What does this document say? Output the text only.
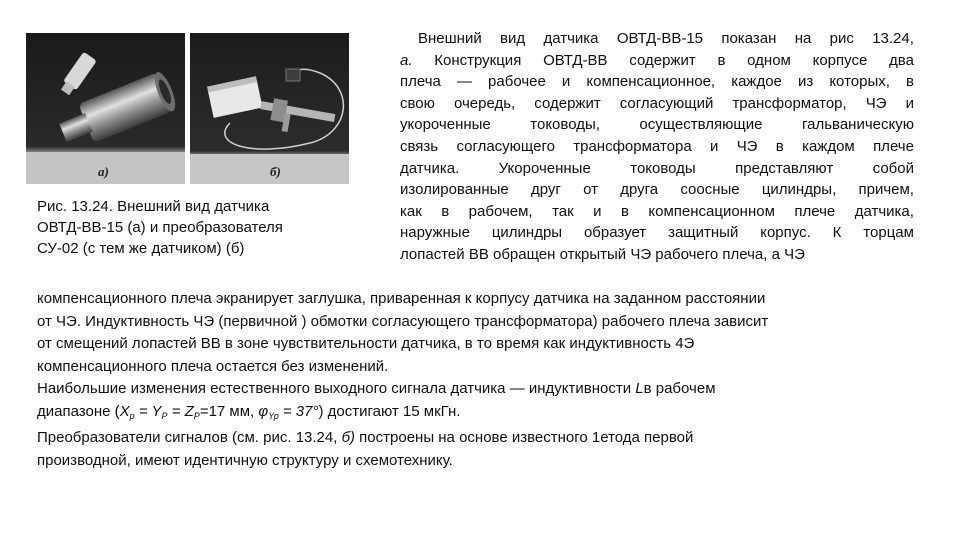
а)	б)
Рис. 13.24. Внешний вид датчика
ОВТД-ВВ-15 (а) и преобразователя
СУ-02 (с тем же датчиком) (б)
Внешний вид датчика ОВТД-ВВ-15 показан на рис 13.24,
а. Конструкция ОВТД-ВВ содержит в одном корпусе два
плеча — рабочее и компенсационное, каждое из которых, в
свою очередь, содержит согласующий трансформатор, ЧЭ и
укороченные	тоководы,	осуществляющие	гальваническую
связь согласующего трансформатора и ЧЭ в каждом плече
датчика.	Укороченные	тоководы	представляют	собой
изолированные друг от друга соосные цилиндры, причем,
как в рабочем, так и в компенсационном плече датчика,
наружные цилиндры образует защитный корпус. К торцам
лопастей ВВ обращен открытый ЧЭ рабочего плеча, а ЧЭ
компенсационного плеча экранирует заглушка, приваренная к корпусу датчика на заданном расстоянии
от ЧЭ. Индуктивность ЧЭ (первичной ) обмотки согласующего трансформатора) рабочего плеча зависит
от смещений лопастей ВВ в зоне чувствительности датчика, в то время как индуктивность 4Э
компенсационного плеча остается без изменений.
Наибольшие изменения естественного выходного сигнала датчика — индуктивности Lв рабочем
диапазоне ($X_p = Y_P = Z_P=17$ мм, $\varphi_{Yp} = 37^\circ$) достигают 15 мкГн.
Преобразователи сигналов (см. рис. 13.24, б) построены на основе известного 1етода первой
производной, имеют идентичную структуру и схемотехнику.
